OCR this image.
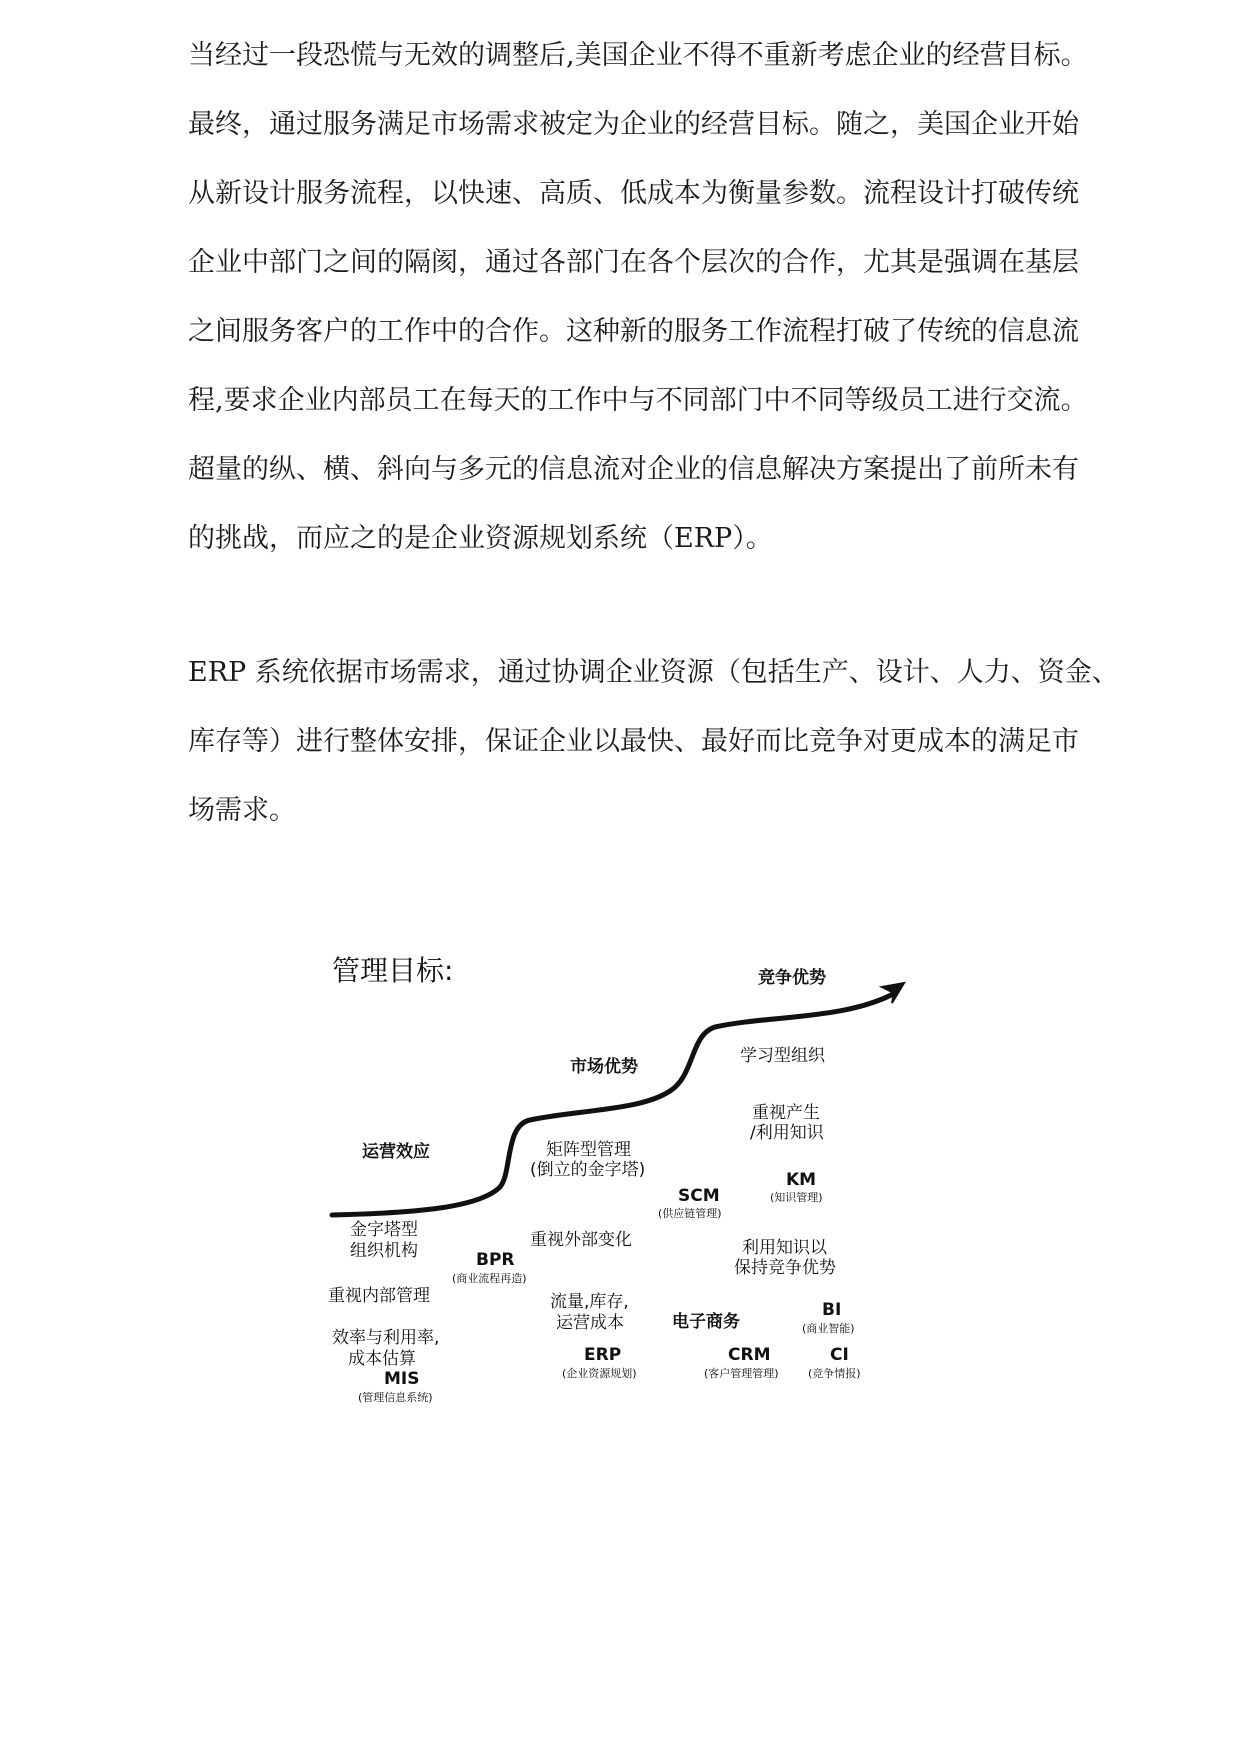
当经过一段恐慌与无效的调整后,美国企业不得不重新考虑企业的经营目标。
最终，通过服务满足市场需求被定为企业的经营目标。随之，美国企业开始
从新设计服务流程，以快速、高质、低成本为衡量参数。流程设计打破传统
企业中部门之间的隔阂，通过各部门在各个层次的合作，尤其是强调在基层
之间服务客户的工作中的合作。这种新的服务工作流程打破了传统的信息流
程,要求企业内部员工在每天的工作中与不同部门中不同等级员工进行交流。
超量的纵、横、斜向与多元的信息流对企业的信息解决方案提出了前所未有
的挑战，而应之的是企业资源规划系统（ERP）。
ERP 系统依据市场需求，通过协调企业资源（包括生产、设计、人力、资金、
库存等）进行整体安排，保证企业以最快、最好而比竞争对更成本的满足市
场需求。
管理目标:
运营效应
市场优势
竞争优势
金字塔型
组织机构
重视内部管理
效率与利用率,
成本估算
MIS
(管理信息系统)
矩阵型管理
(倒立的金字塔)
重视外部变化
BPR
(商业流程再造)
流量,库存,
运营成本
ERP
(企业资源规划)
学习型组织
重视产生
/利用知识
SCM
(供应链管理)
KM
(知识管理)
利用知识以
保持竞争优势
电子商务
BI
(商业智能)
CRM
(客户管理管理)
CI
(竞争情报)
